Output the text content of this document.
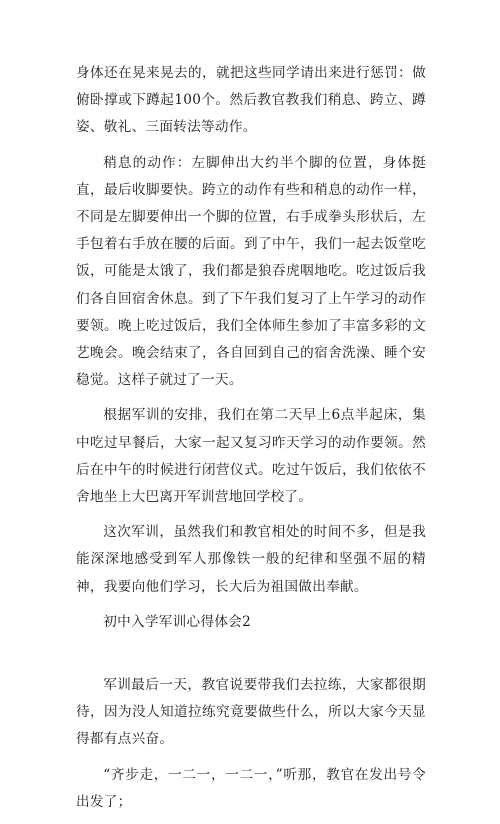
身体还在晃来晃去的，就把这些同学请出来进行惩罚：做俯卧撑或下蹲起100个。然后教官教我们稍息、跨立、蹲姿、敬礼、三面转法等动作。

稍息的动作：左脚伸出大约半个脚的位置，身体挺直，最后收脚要快。跨立的动作有些和稍息的动作一样，不同是左脚要伸出一个脚的位置，右手成拳头形状后，左手包着右手放在腰的后面。到了中午，我们一起去饭堂吃饭，可能是太饿了，我们都是狼吞虎咽地吃。吃过饭后我们各自回宿舍休息。到了下午我们复习了上午学习的动作要领。晚上吃过饭后，我们全体师生参加了丰富多彩的文艺晚会。晚会结束了，各自回到自己的宿舍洗澡、睡个安稳觉。这样子就过了一天。

根据军训的安排，我们在第二天早上6点半起床，集中吃过早餐后，大家一起又复习昨天学习的动作要领。然后在中午的时候进行闭营仪式。吃过午饭后，我们依依不舍地坐上大巴离开军训营地回学校了。

这次军训，虽然我们和教官相处的时间不多，但是我能深深地感受到军人那像铁一般的纪律和坚强不屈的精神，我要向他们学习，长大后为祖国做出奉献。

初中入学军训心得体会2

军训最后一天，教官说要带我们去拉练，大家都很期待，因为没人知道拉练究竟要做些什么，所以大家今天显得都有点兴奋。

“齐步走，一二一，一二一，”听那，教官在发出号令出发了；
